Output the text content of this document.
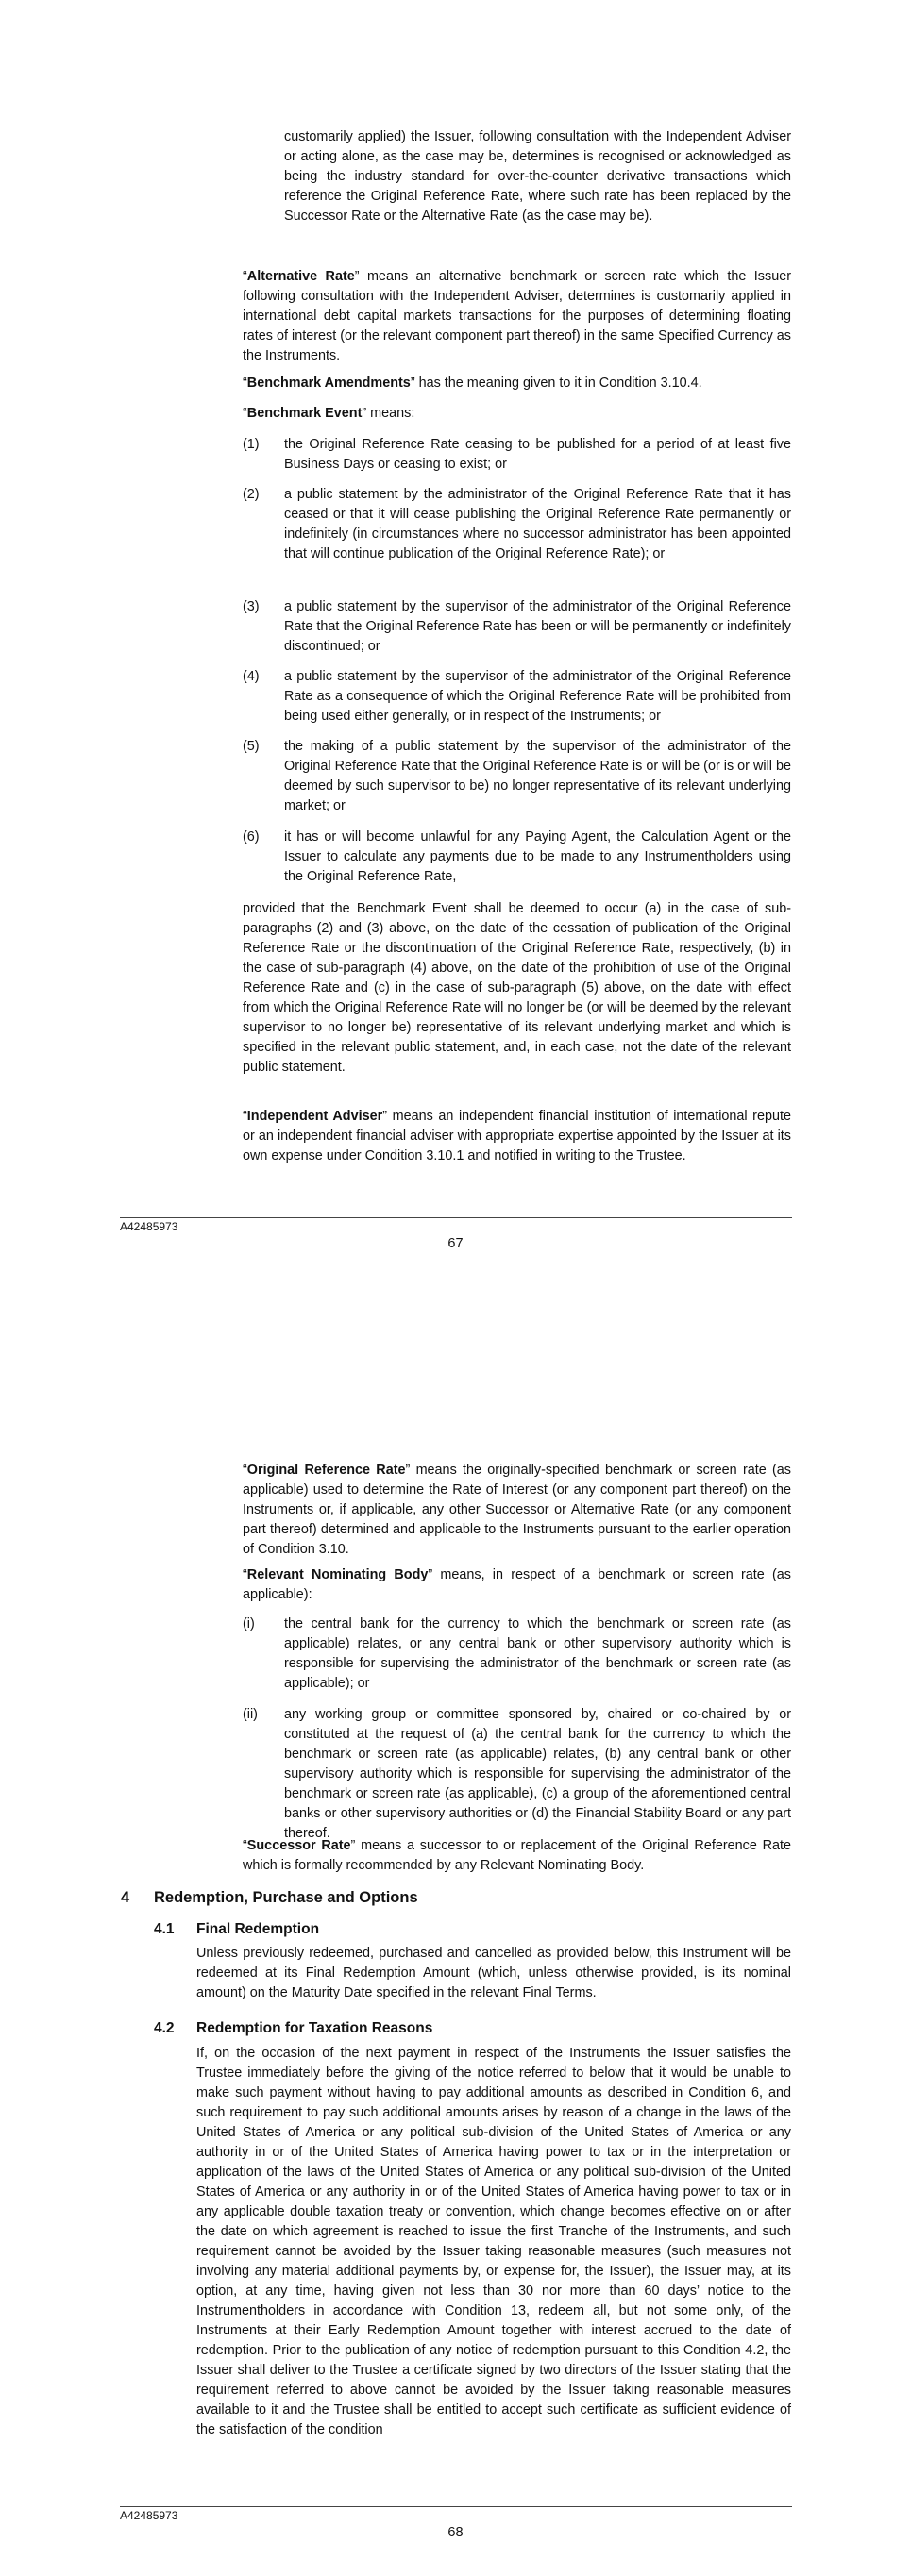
customarily applied) the Issuer, following consultation with the Independent Adviser or acting alone, as the case may be, determines is recognised or acknowledged as being the industry standard for over-the-counter derivative transactions which reference the Original Reference Rate, where such rate has been replaced by the Successor Rate or the Alternative Rate (as the case may be).

“Alternative Rate” means an alternative benchmark or screen rate which the Issuer following consultation with the Independent Adviser, determines is customarily applied in international debt capital markets transactions for the purposes of determining floating rates of interest (or the relevant component part thereof) in the same Specified Currency as the Instruments.

“Benchmark Amendments” has the meaning given to it in Condition 3.10.4.

“Benchmark Event” means:

(1) the Original Reference Rate ceasing to be published for a period of at least five Business Days or ceasing to exist; or

(2) a public statement by the administrator of the Original Reference Rate that it has ceased or that it will cease publishing the Original Reference Rate permanently or indefinitely (in circumstances where no successor administrator has been appointed that will continue publication of the Original Reference Rate); or

(3) a public statement by the supervisor of the administrator of the Original Reference Rate that the Original Reference Rate has been or will be permanently or indefinitely discontinued; or

(4) a public statement by the supervisor of the administrator of the Original Reference Rate as a consequence of which the Original Reference Rate will be prohibited from being used either generally, or in respect of the Instruments; or

(5) the making of a public statement by the supervisor of the administrator of the Original Reference Rate that the Original Reference Rate is or will be (or is or will be deemed by such supervisor to be) no longer representative of its relevant underlying market; or

(6) it has or will become unlawful for any Paying Agent, the Calculation Agent or the Issuer to calculate any payments due to be made to any Instrumentholders using the Original Reference Rate,

provided that the Benchmark Event shall be deemed to occur (a) in the case of sub-paragraphs (2) and (3) above, on the date of the cessation of publication of the Original Reference Rate or the discontinuation of the Original Reference Rate, respectively, (b) in the case of sub-paragraph (4) above, on the date of the prohibition of use of the Original Reference Rate and (c) in the case of sub-paragraph (5) above, on the date with effect from which the Original Reference Rate will no longer be (or will be deemed by the relevant supervisor to no longer be) representative of its relevant underlying market and which is specified in the relevant public statement, and, in each case, not the date of the relevant public statement.

“Independent Adviser” means an independent financial institution of international repute or an independent financial adviser with appropriate expertise appointed by the Issuer at its own expense under Condition 3.10.1 and notified in writing to the Trustee.

A42485973
67

“Original Reference Rate” means the originally-specified benchmark or screen rate (as applicable) used to determine the Rate of Interest (or any component part thereof) on the Instruments or, if applicable, any other Successor or Alternative Rate (or any component part thereof) determined and applicable to the Instruments pursuant to the earlier operation of Condition 3.10.

“Relevant Nominating Body” means, in respect of a benchmark or screen rate (as applicable):

(i) the central bank for the currency to which the benchmark or screen rate (as applicable) relates, or any central bank or other supervisory authority which is responsible for supervising the administrator of the benchmark or screen rate (as applicable); or

(ii) any working group or committee sponsored by, chaired or co-chaired by or constituted at the request of (a) the central bank for the currency to which the benchmark or screen rate (as applicable) relates, (b) any central bank or other supervisory authority which is responsible for supervising the administrator of the benchmark or screen rate (as applicable), (c) a group of the aforementioned central banks or other supervisory authorities or (d) the Financial Stability Board or any part thereof.

“Successor Rate” means a successor to or replacement of the Original Reference Rate which is formally recommended by any Relevant Nominating Body.

4 Redemption, Purchase and Options
4.1 Final Redemption

Unless previously redeemed, purchased and cancelled as provided below, this Instrument will be redeemed at its Final Redemption Amount (which, unless otherwise provided, is its nominal amount) on the Maturity Date specified in the relevant Final Terms.

4.2 Redemption for Taxation Reasons

If, on the occasion of the next payment in respect of the Instruments the Issuer satisfies the Trustee immediately before the giving of the notice referred to below that it would be unable to make such payment without having to pay additional amounts as described in Condition 6, and such requirement to pay such additional amounts arises by reason of a change in the laws of the United States of America or any political sub-division of the United States of America or any authority in or of the United States of America having power to tax or in the interpretation or application of the laws of the United States of America or any political sub-division of the United States of America or any authority in or of the United States of America having power to tax or in any applicable double taxation treaty or convention, which change becomes effective on or after the date on which agreement is reached to issue the first Tranche of the Instruments, and such requirement cannot be avoided by the Issuer taking reasonable measures (such measures not involving any material additional payments by, or expense for, the Issuer), the Issuer may, at its option, at any time, having given not less than 30 nor more than 60 days’ notice to the Instrumentholders in accordance with Condition 13, redeem all, but not some only, of the Instruments at their Early Redemption Amount together with interest accrued to the date of redemption. Prior to the publication of any notice of redemption pursuant to this Condition 4.2, the Issuer shall deliver to the Trustee a certificate signed by two directors of the Issuer stating that the requirement referred to above cannot be avoided by the Issuer taking reasonable measures available to it and the Trustee shall be entitled to accept such certificate as sufficient evidence of the satisfaction of the condition

A42485973
68
